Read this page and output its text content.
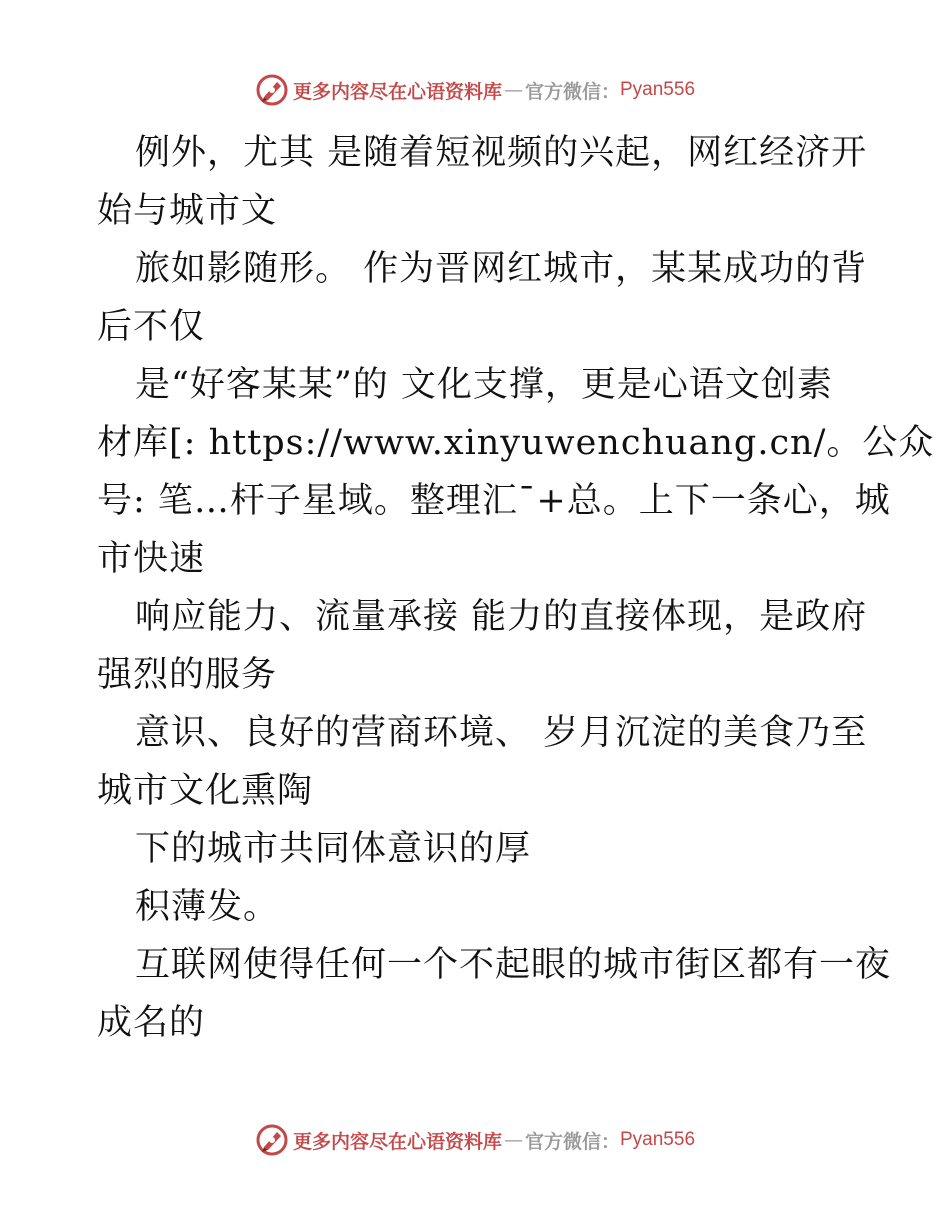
更多内容尽在心语资料库 — 官方微信： Pyan556
例外，尤其 是随着短视频的兴起，网红经济开
始与城市文
旅如影随形。 作为晋网红城市，某某成功的背
后不仅
是“好客某某”的 文化支撑，更是心语文创素
材库[: https://www.xinyuwenchuang.cn/。公众
号: 笔…杆子星域。整理汇¯+总。上下一条心，城
市快速
响应能力、流量承接 能力的直接体现，是政府
强烈的服务
意识、良好的营商环境、 岁月沉淀的美食乃至
城市文化熏陶
下的城市共同体意识的厚
积薄发。
互联网使得任何一个不起眼的城市街区都有一夜
成名的
更多内容尽在心语资料库 — 官方微信： Pyan556
